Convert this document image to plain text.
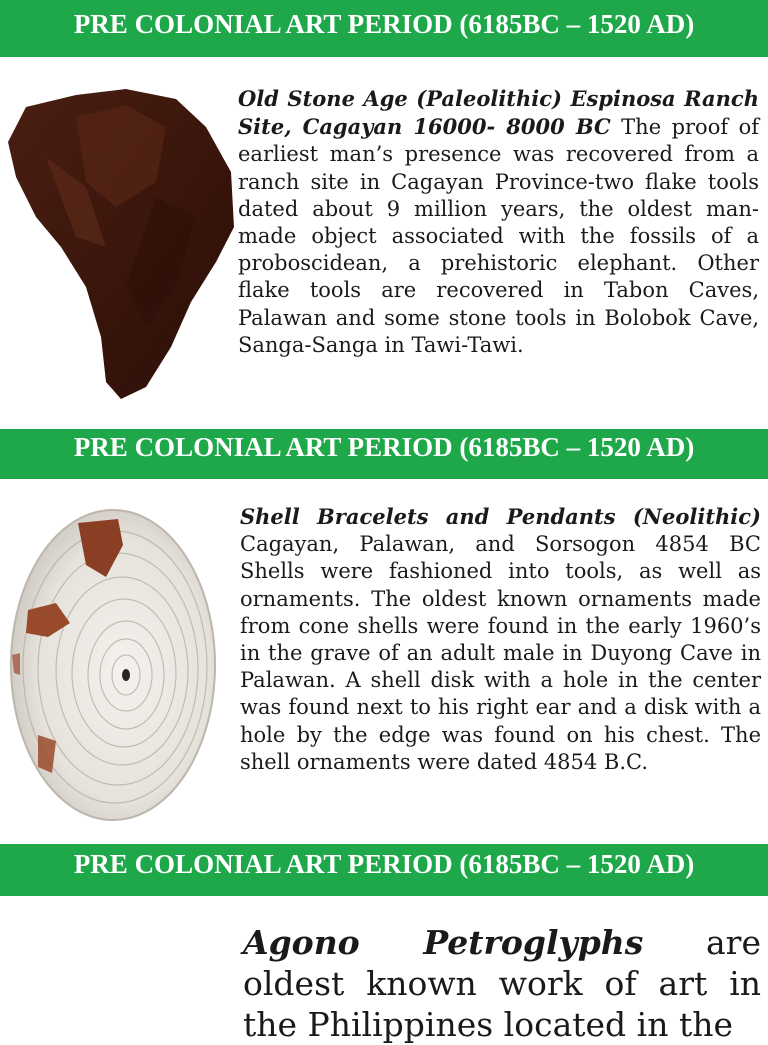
PRE COLONIAL ART PERIOD (6185BC – 1520 AD)
Old Stone Age (Paleolithic) Espinosa Ranch Site, Cagayan 16000- 8000 BC The proof of earliest man’s presence was recovered from a ranch site in Cagayan Province-two flake tools dated about 9 million years, the oldest man-made object associated with the fossils of a proboscidean, a prehistoric elephant. Other flake tools are recovered in Tabon Caves, Palawan and some stone tools in Bolobok Cave, Sanga-Sanga in Tawi-Tawi.
PRE COLONIAL ART PERIOD (6185BC – 1520 AD)
Shell Bracelets and Pendants (Neolithic) Cagayan, Palawan, and Sorsogon 4854 BC Shells were fashioned into tools, as well as ornaments. The oldest known ornaments made from cone shells were found in the early 1960’s in the grave of an adult male in Duyong Cave in Palawan. A shell disk with a hole in the center was found next to his right ear and a disk with a hole by the edge was found on his chest. The shell ornaments were dated 4854 B.C.
PRE COLONIAL ART PERIOD (6185BC – 1520 AD)
Agono Petroglyphs are oldest known work of art in the Philippines located in the
